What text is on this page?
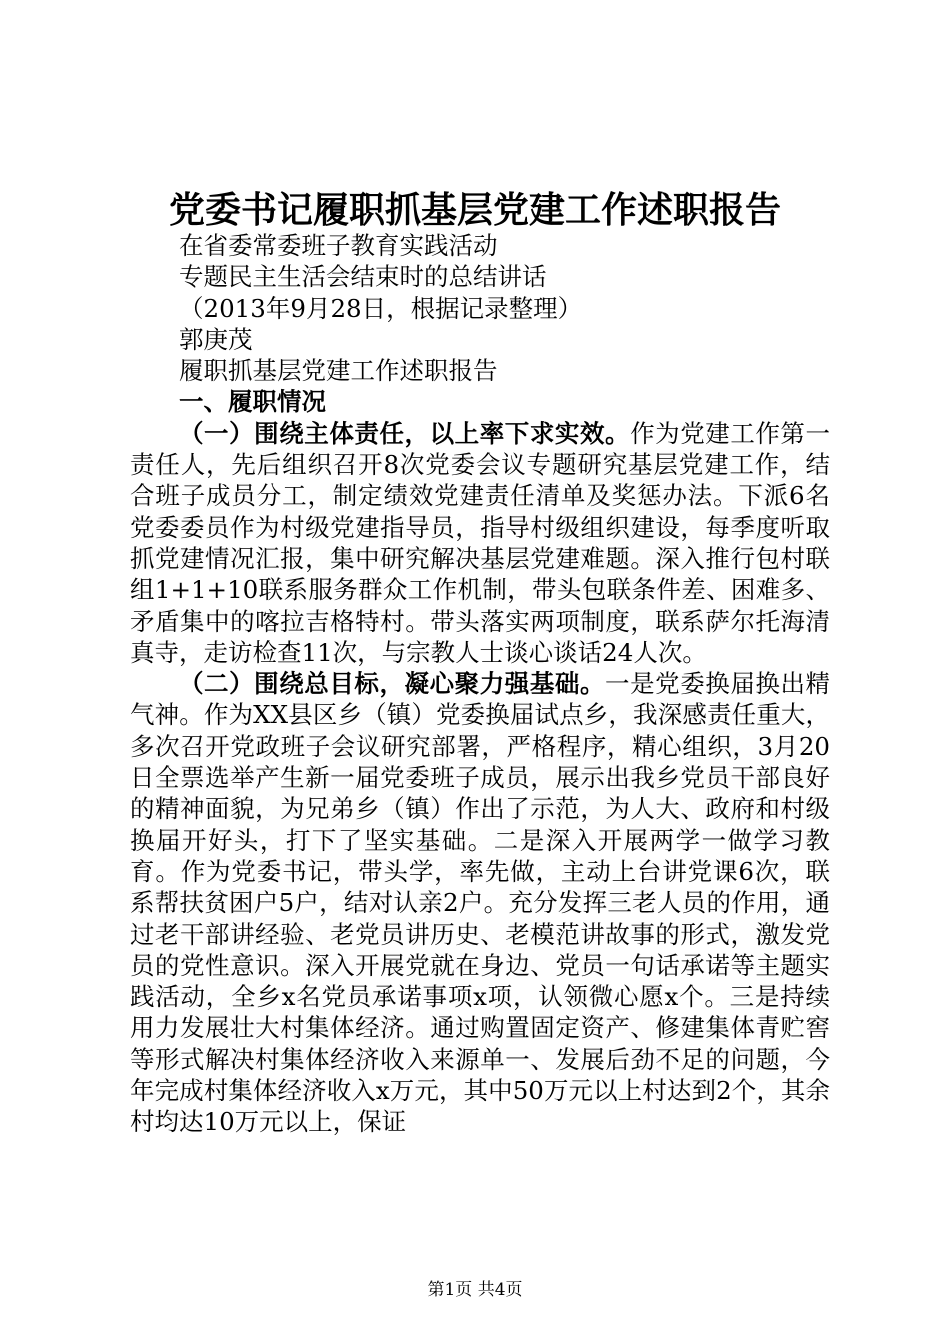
党委书记履职抓基层党建工作述职报告
在省委常委班子教育实践活动
专题民主生活会结束时的总结讲话
（2013年9月28日，根据记录整理）
郭庚茂
履职抓基层党建工作述职报告
一、履职情况
（一）围绕主体责任，以上率下求实效。作为党建工作第一责任人，先后组织召开8次党委会议专题研究基层党建工作，结合班子成员分工，制定绩效党建责任清单及奖惩办法。下派6名党委委员作为村级党建指导员，指导村级组织建设，每季度听取抓党建情况汇报，集中研究解决基层党建难题。深入推行包村联组1+1+10联系服务群众工作机制，带头包联条件差、困难多、矛盾集中的喀拉吉格特村。带头落实两项制度，联系萨尔托海清真寺，走访检查11次，与宗教人士谈心谈话24人次。
（二）围绕总目标，凝心聚力强基础。一是党委换届换出精气神。作为XX县区乡（镇）党委换届试点乡，我深感责任重大，多次召开党政班子会议研究部署，严格程序，精心组织，3月20日全票选举产生新一届党委班子成员，展示出我乡党员干部良好的精神面貌，为兄弟乡（镇）作出了示范，为人大、政府和村级换届开好头，打下了坚实基础。二是深入开展两学一做学习教育。作为党委书记，带头学，率先做，主动上台讲党课6次，联系帮扶贫困户5户，结对认亲2户。充分发挥三老人员的作用，通过老干部讲经验、老党员讲历史、老模范讲故事的形式，激发党员的党性意识。深入开展党就在身边、党员一句话承诺等主题实践活动，全乡x名党员承诺事项x项，认领微心愿x个。三是持续用力发展壮大村集体经济。通过购置固定资产、修建集体青贮窖等形式解决村集体经济收入来源单一、发展后劲不足的问题，今年完成村集体经济收入x万元，其中50万元以上村达到2个，其余村均达10万元以上，保证
第1页 共4页
